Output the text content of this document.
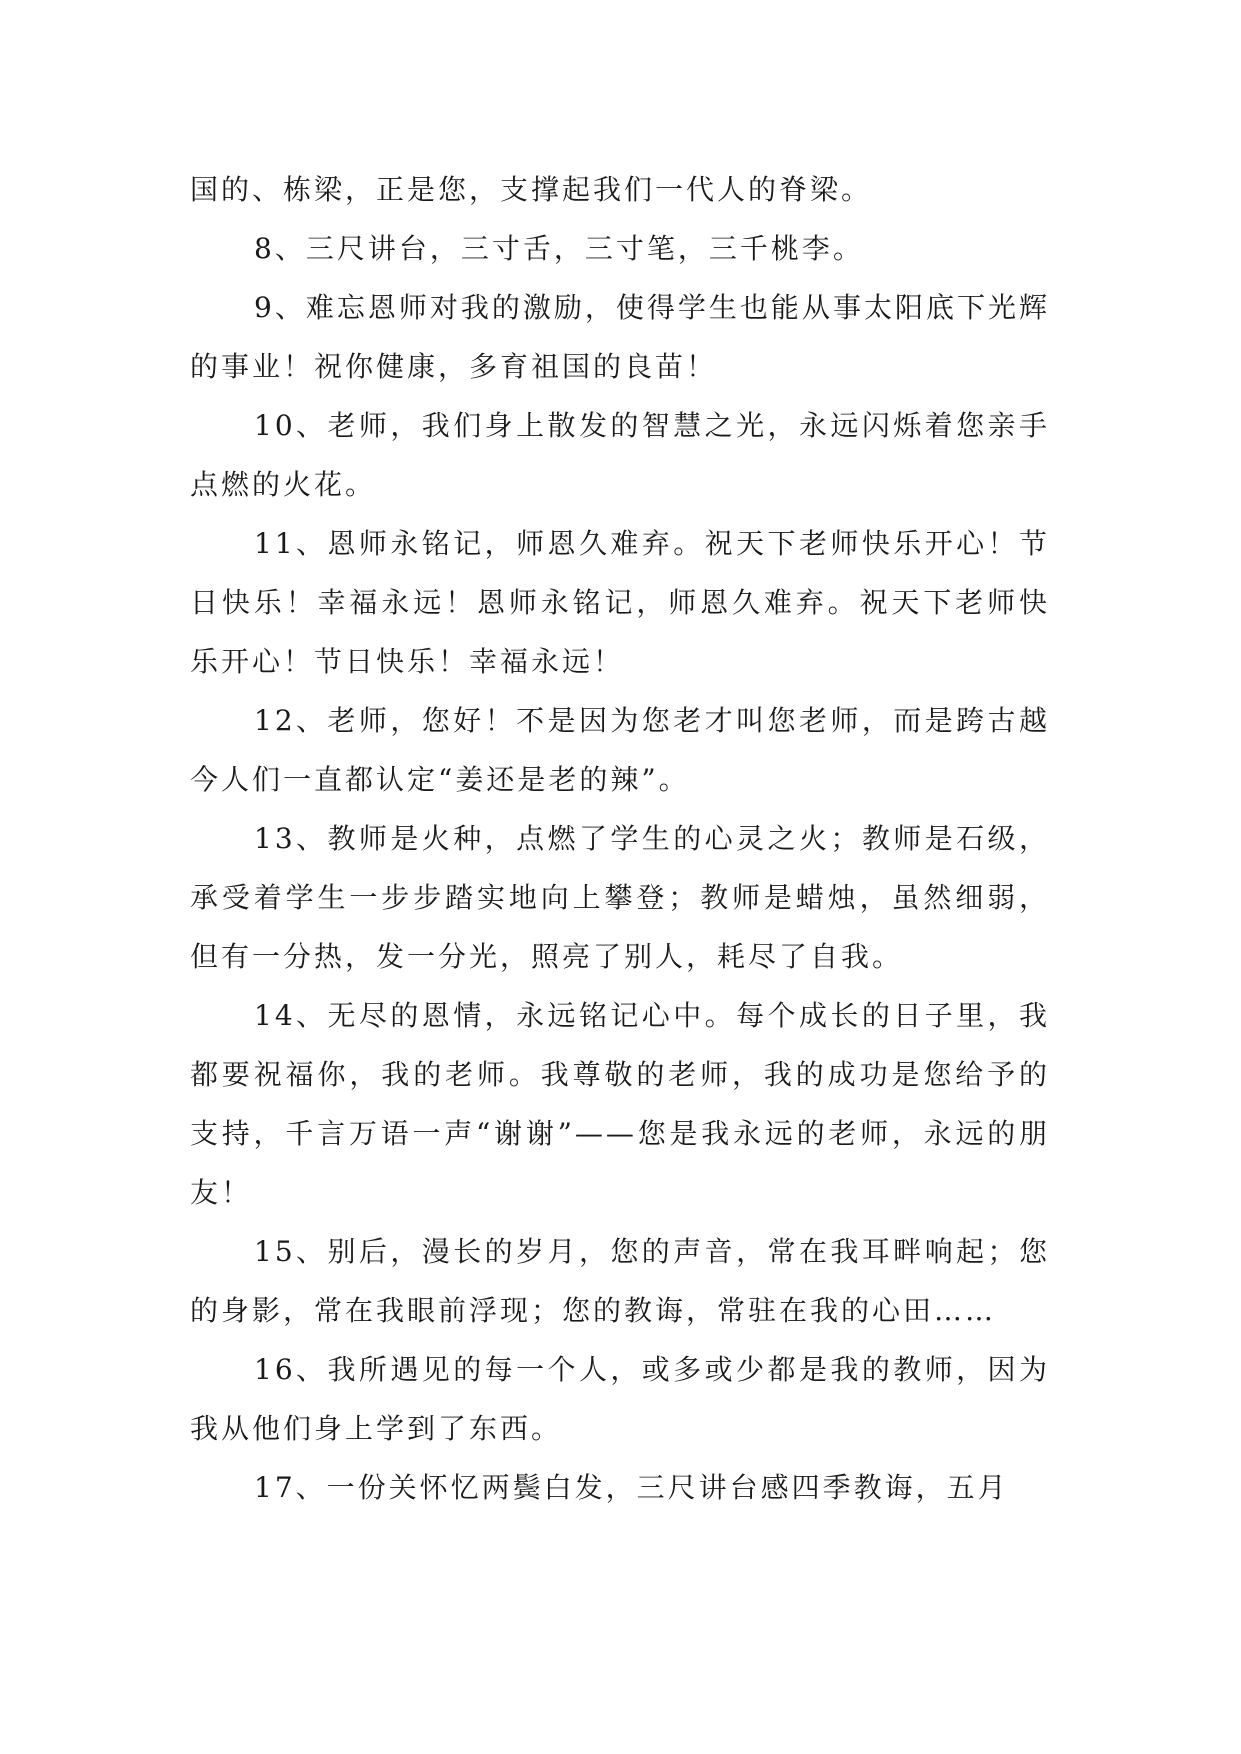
国的、栋梁，正是您，支撑起我们一代人的脊梁。

8、三尺讲台，三寸舌，三寸笔，三千桃李。

9、难忘恩师对我的激励，使得学生也能从事太阳底下光辉的事业！祝你健康，多育祖国的良苗！

10、老师，我们身上散发的智慧之光，永远闪烁着您亲手点燃的火花。

11、恩师永铭记，师恩久难弃。祝天下老师快乐开心！节日快乐！幸福永远！恩师永铭记，师恩久难弃。祝天下老师快乐开心！节日快乐！幸福永远！

12、老师，您好！不是因为您老才叫您老师，而是跨古越今人们一直都认定“姜还是老的辣”。

13、教师是火种，点燃了学生的心灵之火；教师是石级，承受着学生一步步踏实地向上攀登；教师是蜡烛，虽然细弱，但有一分热，发一分光，照亮了别人，耗尽了自我。

14、无尽的恩情，永远铭记心中。每个成长的日子里，我都要祝福你，我的老师。我尊敬的老师，我的成功是您给予的支持，千言万语一声“谢谢”——您是我永远的老师，永远的朋友！

15、别后，漫长的岁月，您的声音，常在我耳畔响起；您的身影，常在我眼前浮现；您的教诲，常驻在我的心田……

16、我所遇见的每一个人，或多或少都是我的教师，因为我从他们身上学到了东西。

17、一份关怀忆两鬓白发，三尺讲台感四季教诲，五月
